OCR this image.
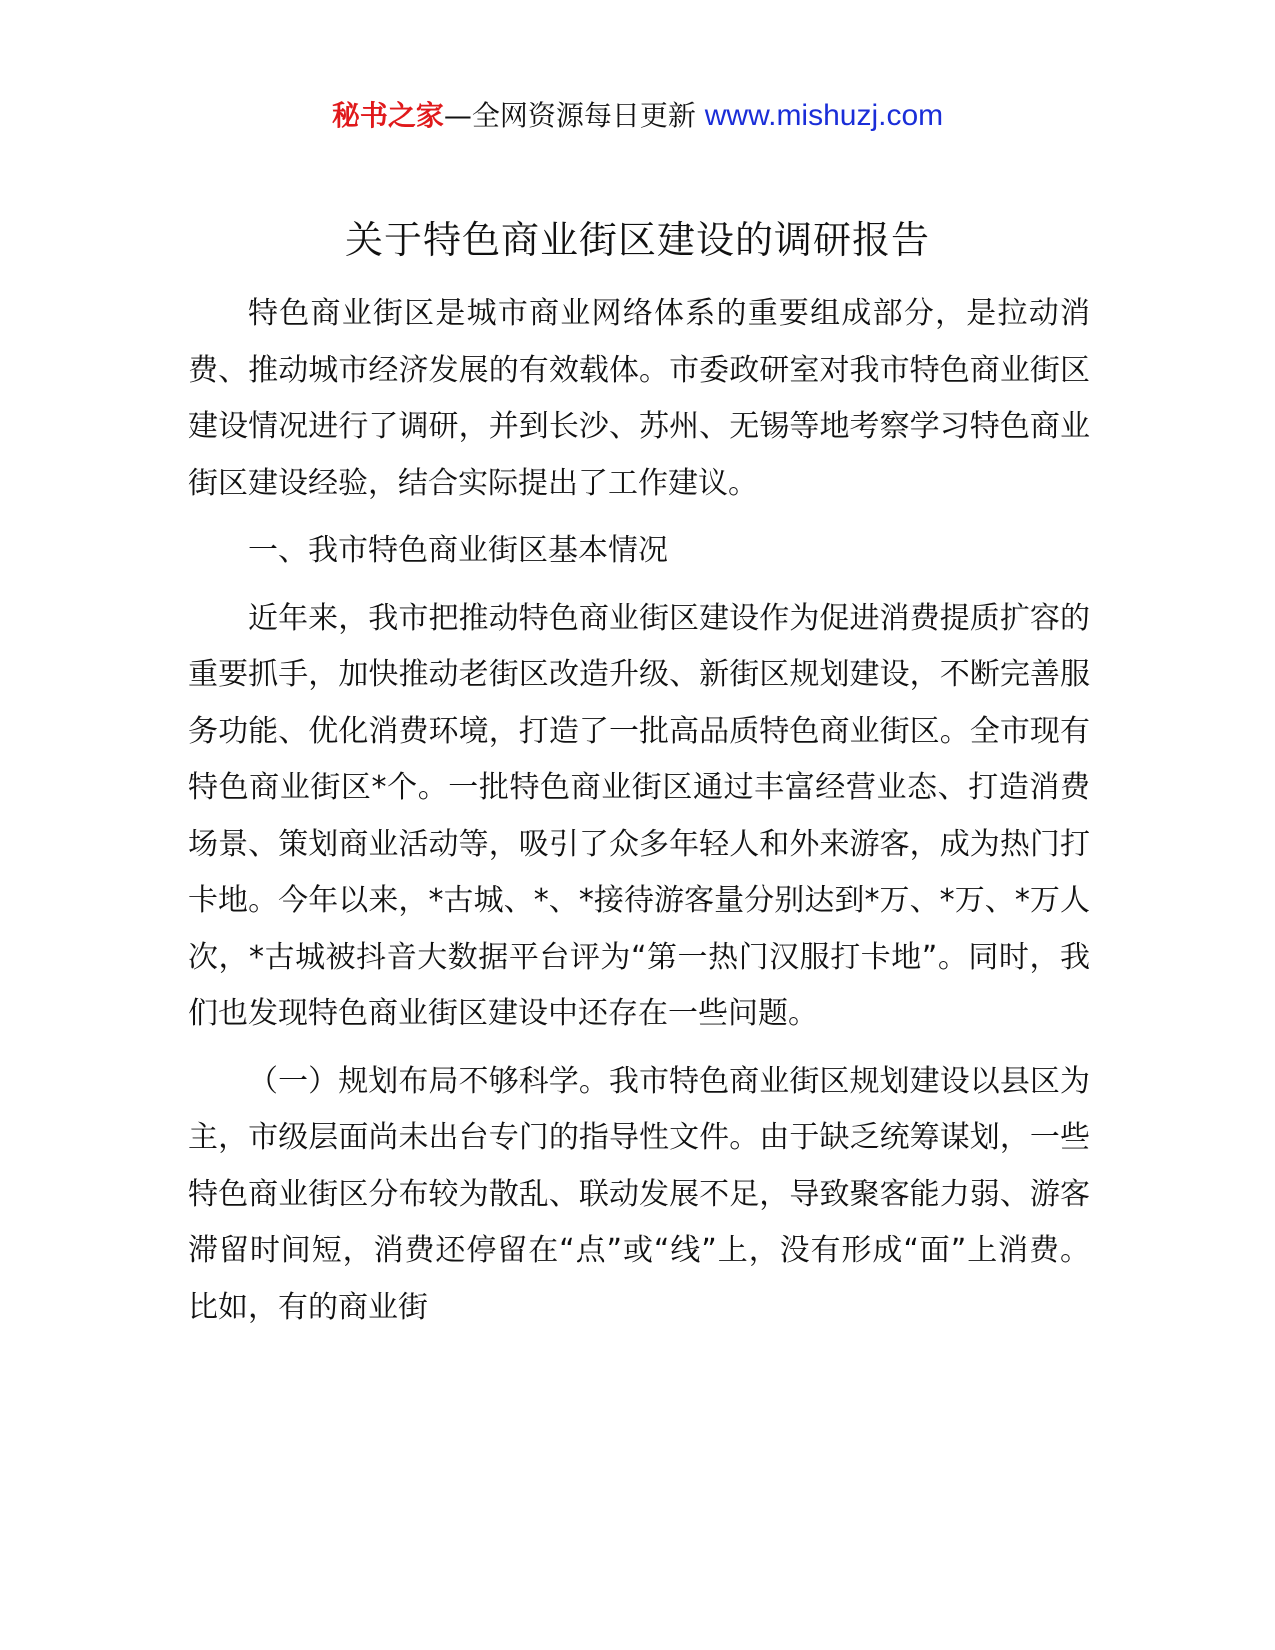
秘书之家—全网资源每日更新 www.mishuzj.com
关于特色商业街区建设的调研报告

特色商业街区是城市商业网络体系的重要组成部分，是拉动消费、推动城市经济发展的有效载体。市委政研室对我市特色商业街区建设情况进行了调研，并到长沙、苏州、无锡等地考察学习特色商业街区建设经验，结合实际提出了工作建议。

一、我市特色商业街区基本情况

近年来，我市把推动特色商业街区建设作为促进消费提质扩容的重要抓手，加快推动老街区改造升级、新街区规划建设，不断完善服务功能、优化消费环境，打造了一批高品质特色商业街区。全市现有特色商业街区*个。一批特色商业街区通过丰富经营业态、打造消费场景、策划商业活动等，吸引了众多年轻人和外来游客，成为热门打卡地。今年以来，*古城、*、*接待游客量分别达到*万、*万、*万人次，*古城被抖音大数据平台评为“第一热门汉服打卡地”。同时，我们也发现特色商业街区建设中还存在一些问题。

（一）规划布局不够科学。我市特色商业街区规划建设以县区为主，市级层面尚未出台专门的指导性文件。由于缺乏统筹谋划，一些特色商业街区分布较为散乱、联动发展不足，导致聚客能力弱、游客滞留时间短，消费还停留在“点”或“线”上，没有形成“面”上消费。比如，有的商业街
